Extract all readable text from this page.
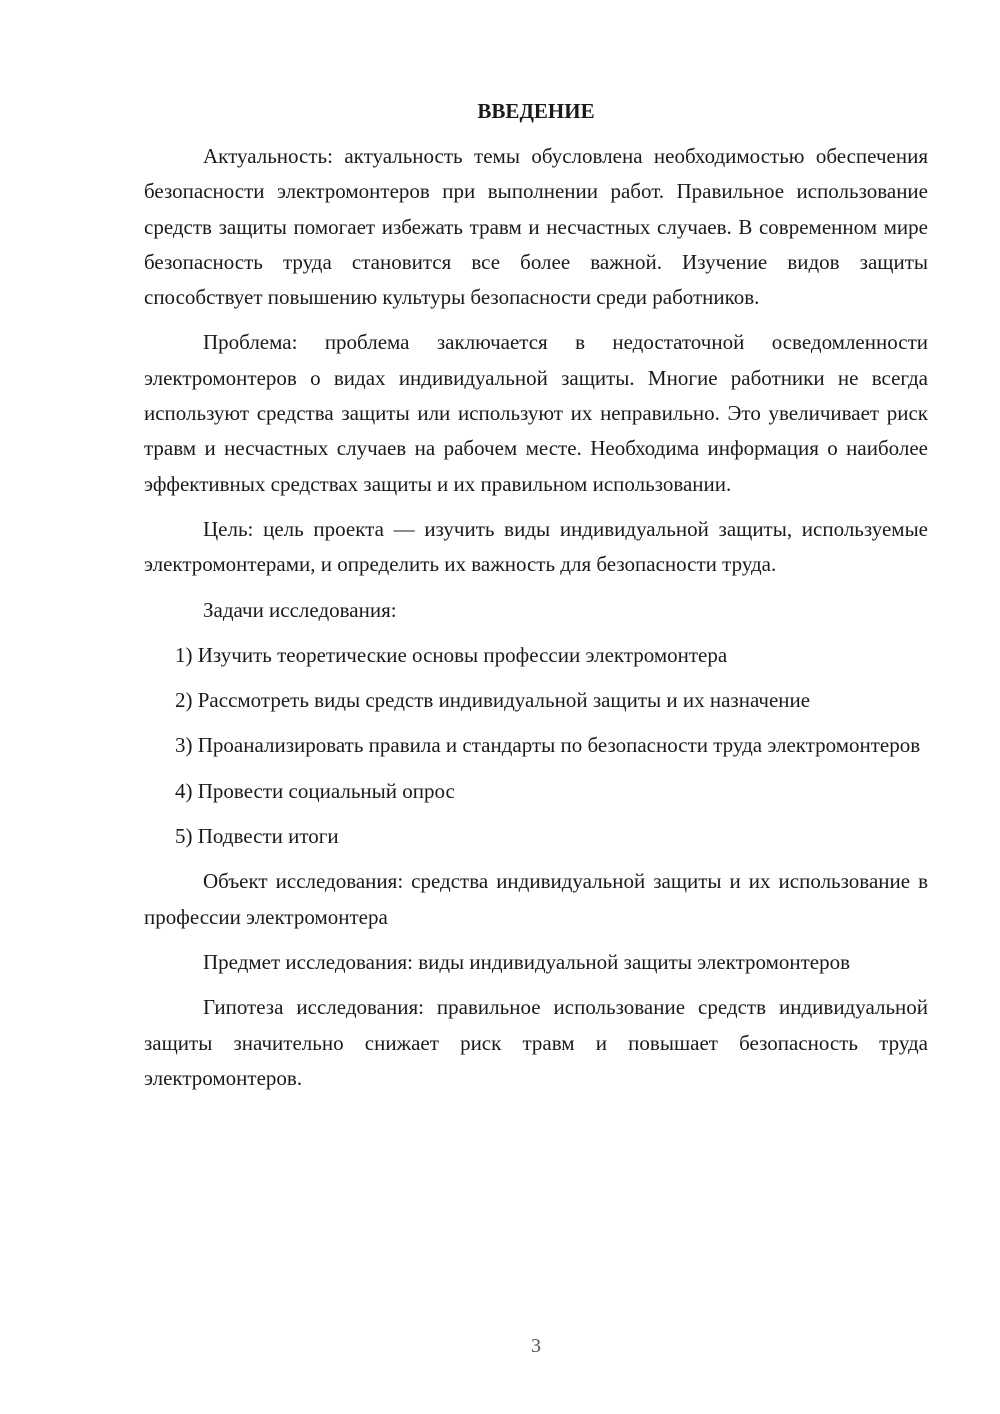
ВВЕДЕНИЕ

Актуальность: актуальность темы обусловлена необходимостью обеспечения безопасности электромонтеров при выполнении работ. Правильное использование средств защиты помогает избежать травм и несчастных случаев. В современном мире безопасность труда становится все более важной. Изучение видов защиты способствует повышению культуры безопасности среди работников.

Проблема: проблема заключается в недостаточной осведомленности электромонтеров о видах индивидуальной защиты. Многие работники не всегда используют средства защиты или используют их неправильно. Это увеличивает риск травм и несчастных случаев на рабочем месте. Необходима информация о наиболее эффективных средствах защиты и их правильном использовании.

Цель: цель проекта — изучить виды индивидуальной защиты, используемые электромонтерами, и определить их важность для безопасности труда.

Задачи исследования:

1) Изучить теоретические основы профессии электромонтера

2) Рассмотреть виды средств индивидуальной защиты и их назначение

3) Проанализировать правила и стандарты по безопасности труда электромонтеров

4) Провести социальный опрос

5) Подвести итоги

Объект исследования: средства индивидуальной защиты и их использование в профессии электромонтера

Предмет исследования: виды индивидуальной защиты электромонтеров

Гипотеза исследования: правильное использование средств индивидуальной защиты значительно снижает риск травм и повышает безопасность труда электромонтеров.

3
